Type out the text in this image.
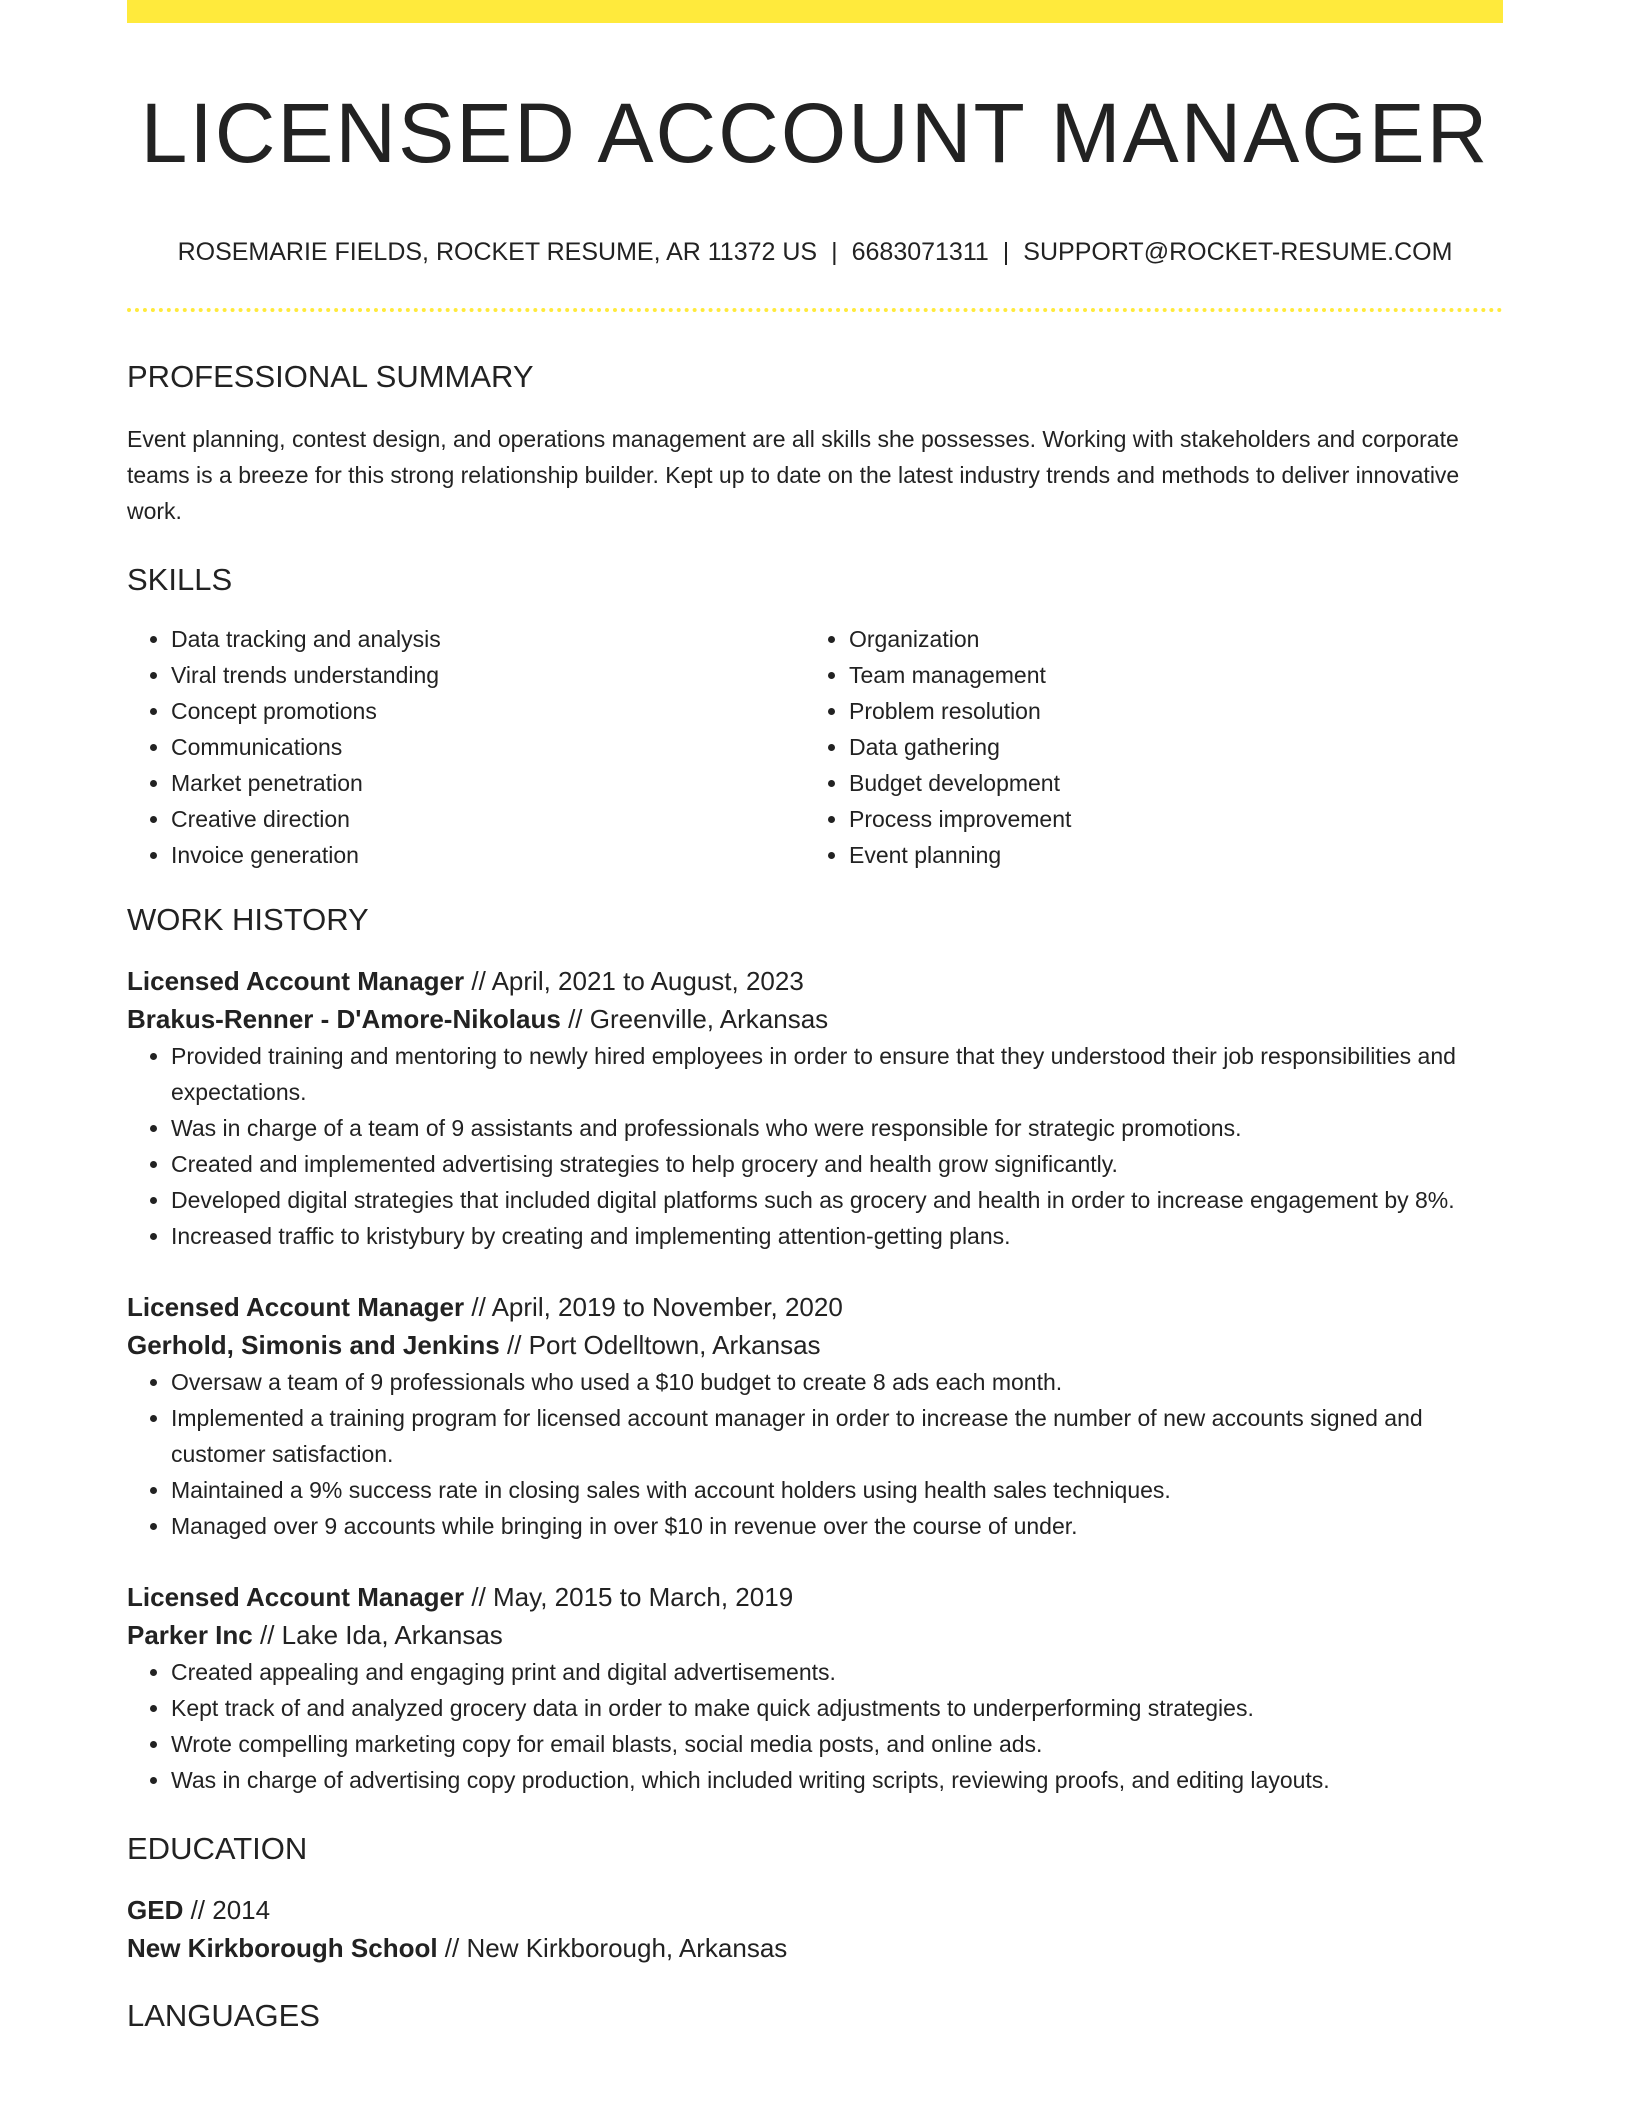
LICENSED ACCOUNT MANAGER
ROSEMARIE FIELDS, ROCKET RESUME, AR 11372 US | 6683071311 | SUPPORT@ROCKET-RESUME.COM
PROFESSIONAL SUMMARY
Event planning, contest design, and operations management are all skills she possesses. Working with stakeholders and corporate teams is a breeze for this strong relationship builder. Kept up to date on the latest industry trends and methods to deliver innovative work.
SKILLS
• Data tracking and analysis
• Viral trends understanding
• Concept promotions
• Communications
• Market penetration
• Creative direction
• Invoice generation
• Organization
• Team management
• Problem resolution
• Data gathering
• Budget development
• Process improvement
• Event planning
WORK HISTORY
Licensed Account Manager // April, 2021 to August, 2023
Brakus-Renner - D'Amore-Nikolaus // Greenville, Arkansas
• Provided training and mentoring to newly hired employees in order to ensure that they understood their job responsibilities and expectations.
• Was in charge of a team of 9 assistants and professionals who were responsible for strategic promotions.
• Created and implemented advertising strategies to help grocery and health grow significantly.
• Developed digital strategies that included digital platforms such as grocery and health in order to increase engagement by 8%.
• Increased traffic to kristybury by creating and implementing attention-getting plans.
Licensed Account Manager // April, 2019 to November, 2020
Gerhold, Simonis and Jenkins // Port Odelltown, Arkansas
• Oversaw a team of 9 professionals who used a $10 budget to create 8 ads each month.
• Implemented a training program for licensed account manager in order to increase the number of new accounts signed and customer satisfaction.
• Maintained a 9% success rate in closing sales with account holders using health sales techniques.
• Managed over 9 accounts while bringing in over $10 in revenue over the course of under.
Licensed Account Manager // May, 2015 to March, 2019
Parker Inc // Lake Ida, Arkansas
• Created appealing and engaging print and digital advertisements.
• Kept track of and analyzed grocery data in order to make quick adjustments to underperforming strategies.
• Wrote compelling marketing copy for email blasts, social media posts, and online ads.
• Was in charge of advertising copy production, which included writing scripts, reviewing proofs, and editing layouts.
EDUCATION
GED // 2014
New Kirkborough School // New Kirkborough, Arkansas
LANGUAGES
